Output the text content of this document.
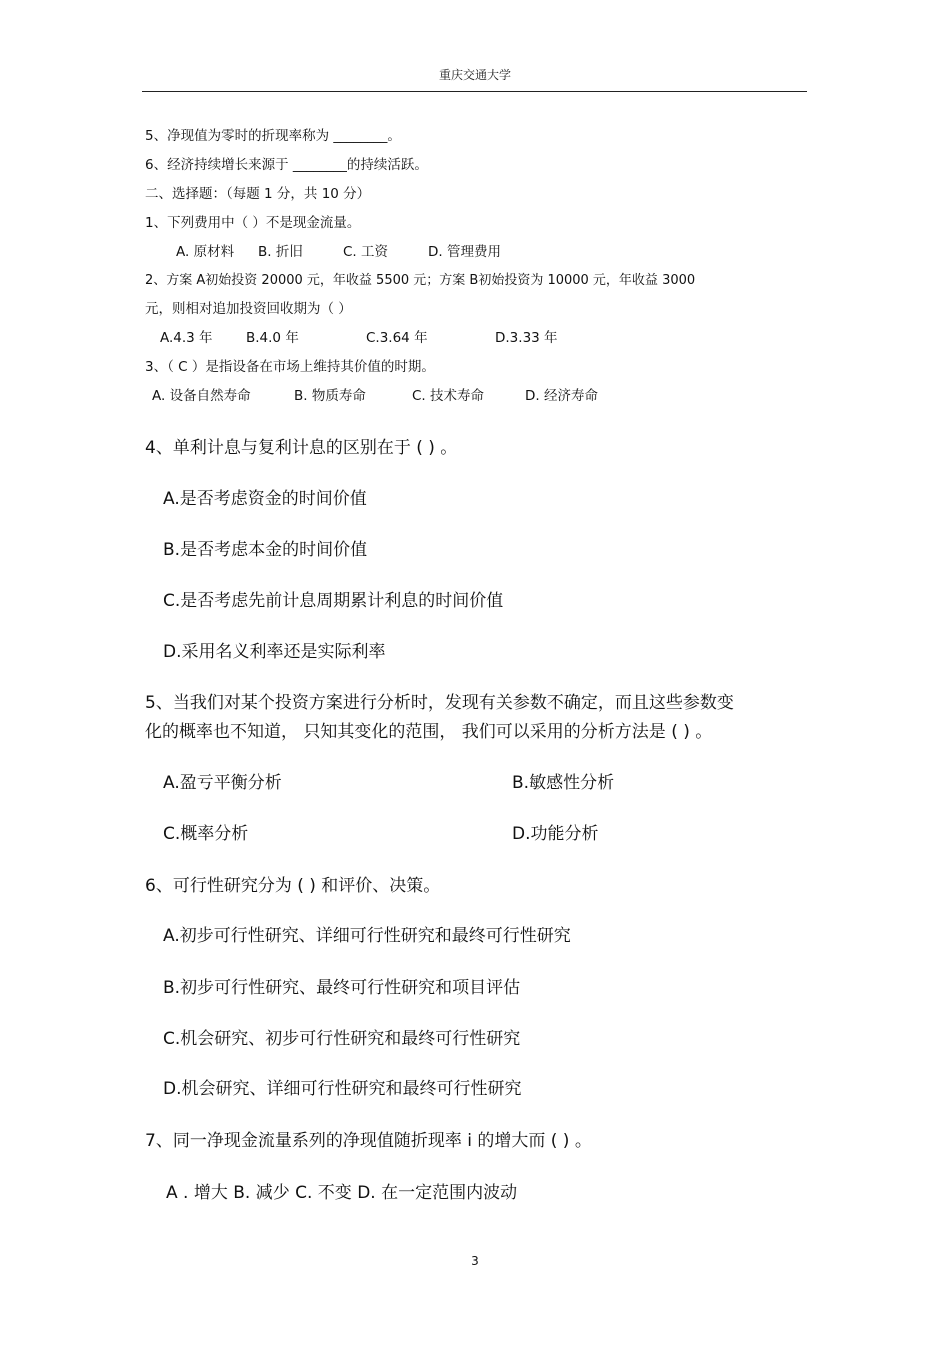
重庆交通大学
5、净现值为零时的折现率称为 ________。
6、经济持续增长来源于 ________的持续活跃。
二、选择题：（每题 1 分，共 10 分）
1、下列费用中（ ）不是现金流量。
A. 原材料 B. 折旧	C. 工资	D. 管理费用
2、方案 A初始投资 20000 元，年收益 5500 元；方案 B初始投资为 10000 元，年收益 3000
元，则相对追加投资回收期为（ ）
A.4.3 年 B.4.0 年	C.3.64 年	D.3.33 年
3、（ C ）是指设备在市场上维持其价值的时期。
A. 设备自然寿命	B. 物质寿命	C. 技术寿命	D. 经济寿命
4、单利计息与复利计息的区别在于 ( ) 。
A.是否考虑资金的时间价值
B.是否考虑本金的时间价值
C.是否考虑先前计息周期累计利息的时间价值
D.采用名义利率还是实际利率
5、当我们对某个投资方案进行分析时，发现有关参数不确定，而且这些参数变
化的概率也不知道， 只知其变化的范围， 我们可以采用的分析方法是 ( ) 。
A.盈亏平衡分析	B.敏感性分析
C.概率分析	D.功能分析
6、可行性研究分为 ( ) 和评价、决策。
A.初步可行性研究、详细可行性研究和最终可行性研究
B.初步可行性研究、最终可行性研究和项目评估
C.机会研究、初步可行性研究和最终可行性研究
D.机会研究、详细可行性研究和最终可行性研究
7、同一净现金流量系列的净现值随折现率 i 的增大而 ( ) 。
A . 增大 B. 减少 C. 不变 D. 在一定范围内波动
3
